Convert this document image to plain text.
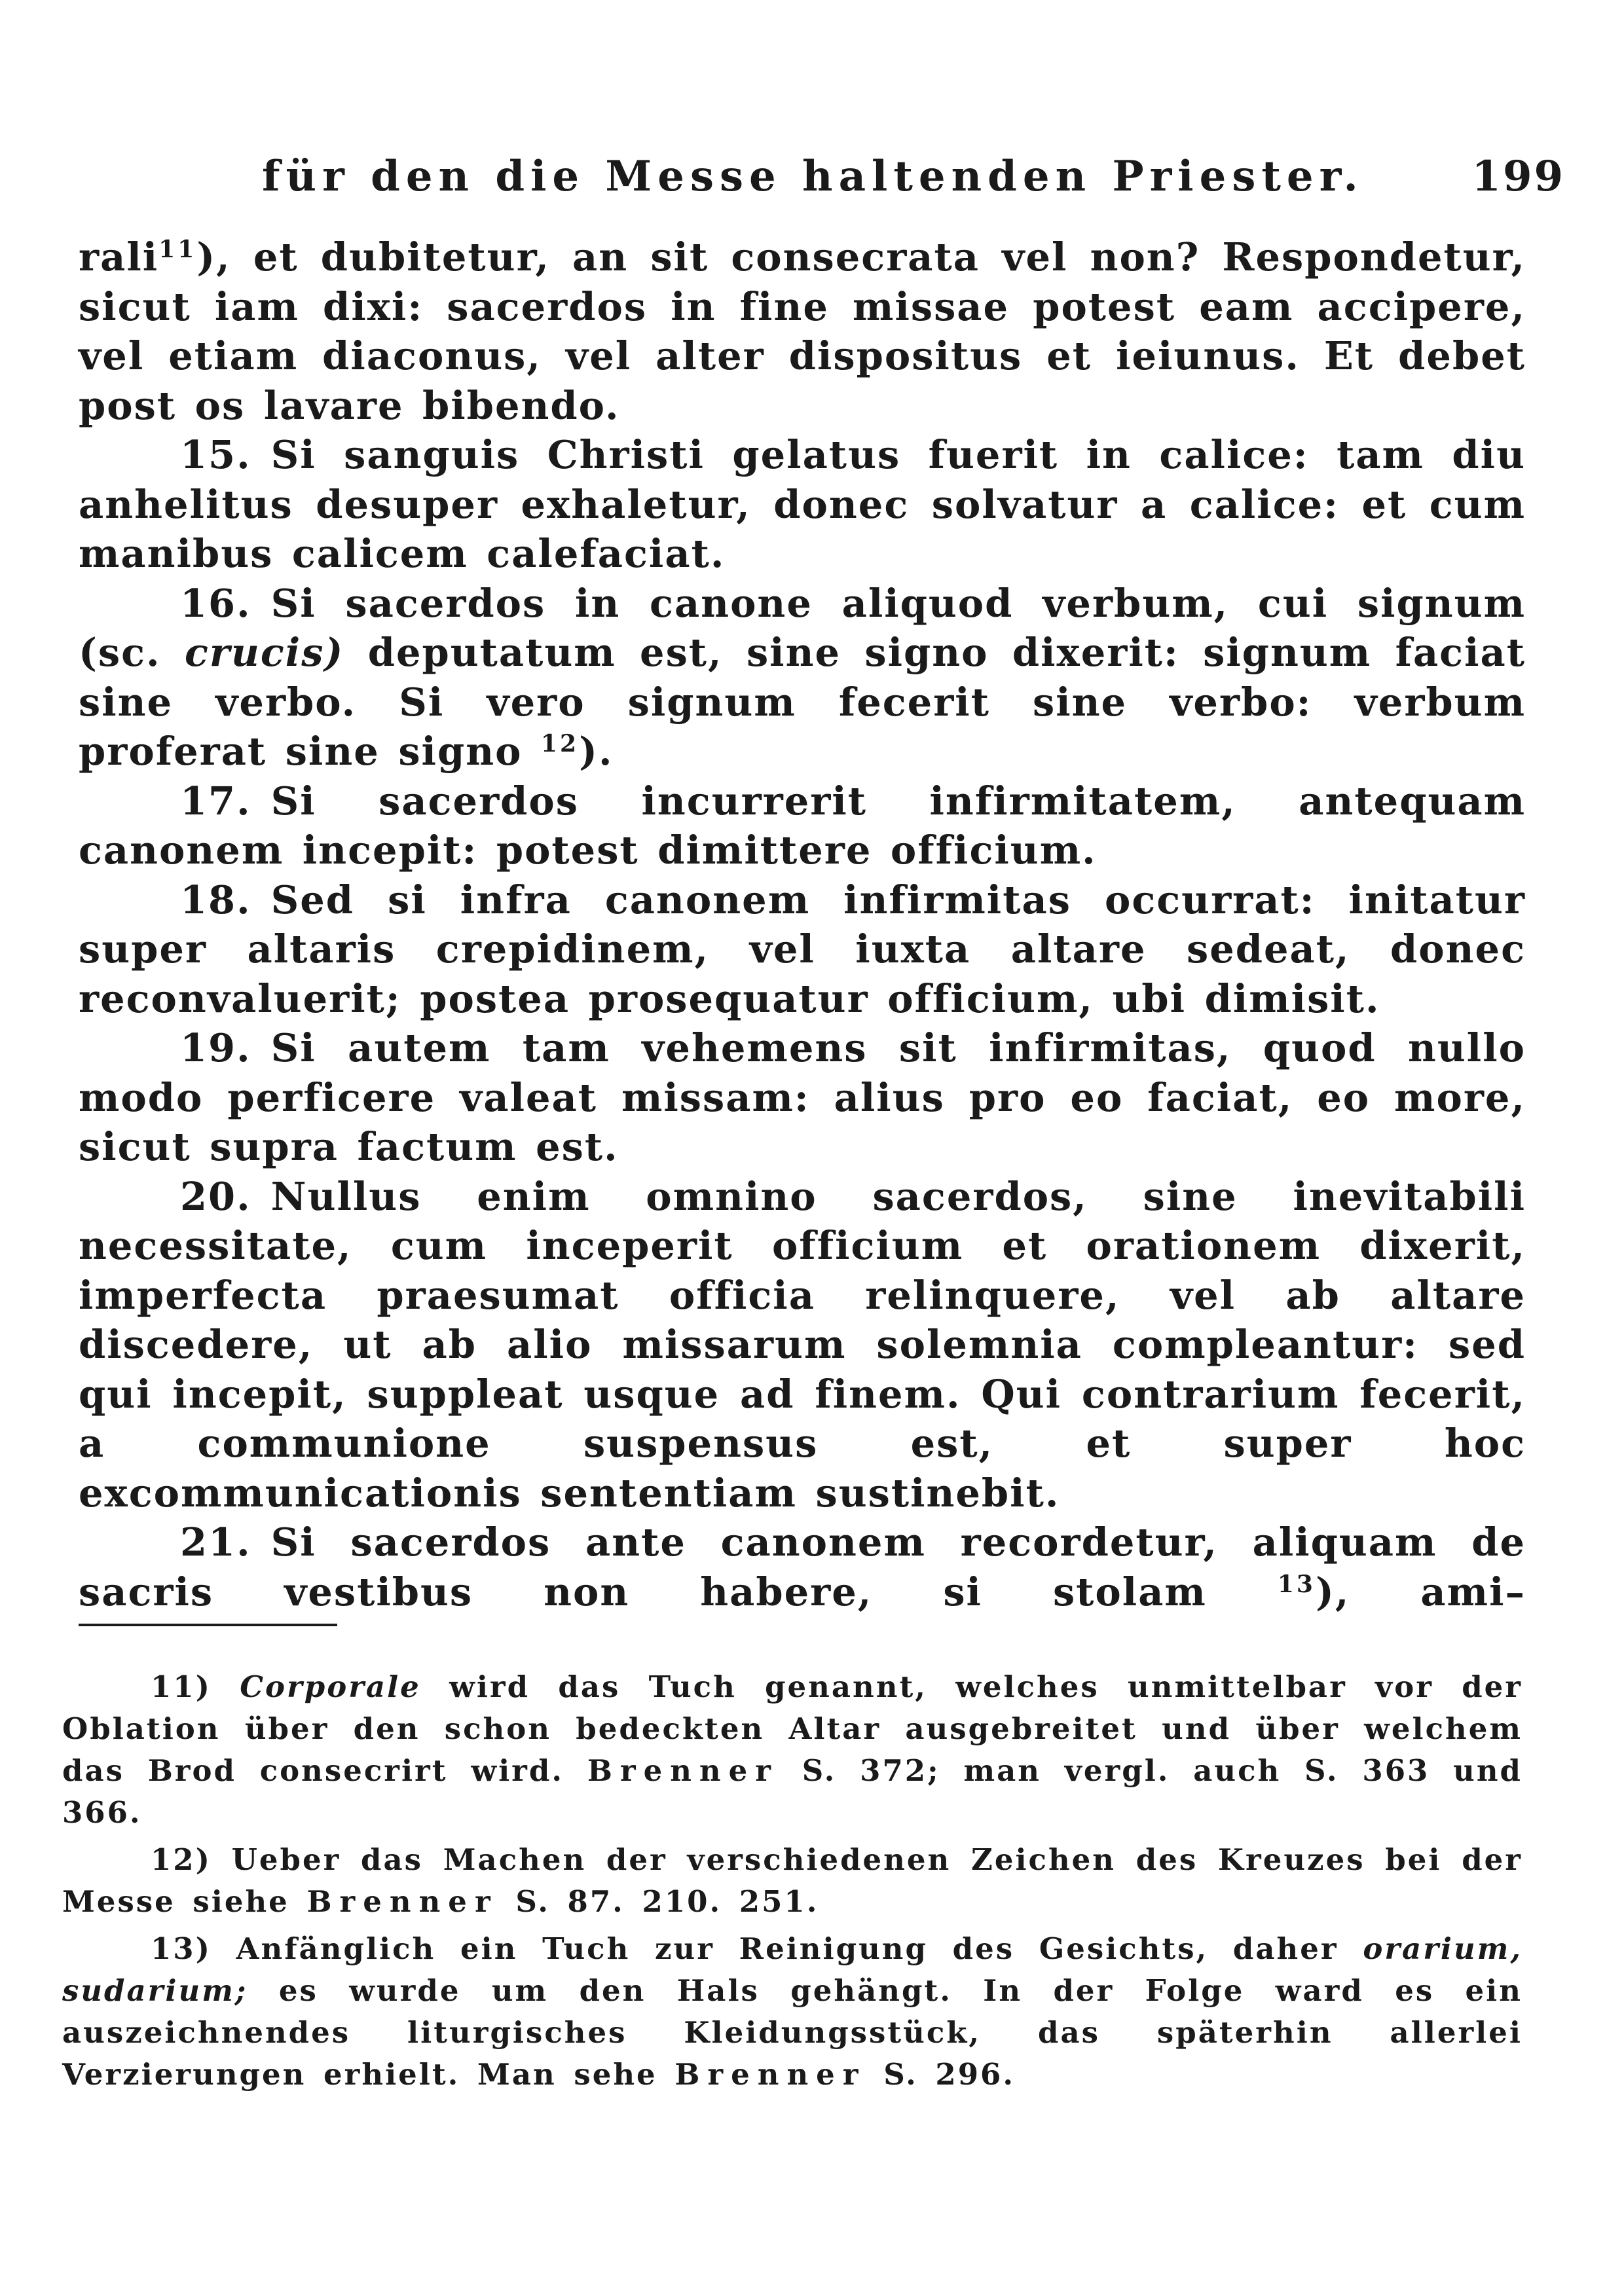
für den die Messe haltenden Priester.	199

rali$^{11}$), et dubitetur, an sit consecrata vel non? Respondetur, sicut iam dixi: sacerdos in fine missae potest eam accipere, vel etiam diaconus, vel alter dispositus et ieiunus. Et debet post os lavare bibendo.

15. Si sanguis Christi gelatus fuerit in calice: tam diu anhelitus desuper exhaletur, donec solvatur a calice: et cum manibus calicem calefaciat.

16. Si sacerdos in canone aliquod verbum, cui signum (sc. crucis) deputatum est, sine signo dixerit: signum faciat sine verbo. Si vero signum fecerit sine verbo: verbum proferat sine signo $^{12}$).

17. Si sacerdos incurrerit infirmitatem, antequam canonem incepit: potest dimittere officium.

18. Sed si infra canonem infirmitas occurrat: initatur super altaris crepidinem, vel iuxta altare sedeat, donec reconvaluerit; postea prosequatur officium, ubi dimisit.

19. Si autem tam vehemens sit infirmitas, quod nullo modo perficere valeat missam: alius pro eo faciat, eo more, sicut supra factum est.

20. Nullus enim omnino sacerdos, sine inevitabili necessitate, cum inceperit officium et orationem dixerit, imperfecta praesumat officia relinquere, vel ab altare discedere, ut ab alio missarum solemnia compleantur: sed qui incepit, suppleat usque ad finem. Qui contrarium fecerit, a communione suspensus est, et super hoc excommunicationis sententiam sustinebit.

21. Si sacerdos ante canonem recordetur, aliquam de sacris vestibus non habere, si stolam	$^{13}$), ami–

11) Corporale wird das Tuch genannt, welches unmittelbar vor der Oblation über den schon bedeckten Altar ausgebreitet und über welchem das Brod consecrirt wird. Brenner S. 372; man vergl. auch S. 363 und 366.

12) Ueber das Machen der verschiedenen Zeichen des Kreuzes bei der Messe siehe Brenner S. 87. 210. 251.

13) Anfänglich ein Tuch zur Reinigung des Gesichts, daher orarium, sudarium; es wurde um den Hals gehängt. In der Folge ward es ein auszeichnendes liturgisches Kleidungsstück, das späterhin allerlei Verzierungen erhielt. Man sehe Brenner S. 296.
